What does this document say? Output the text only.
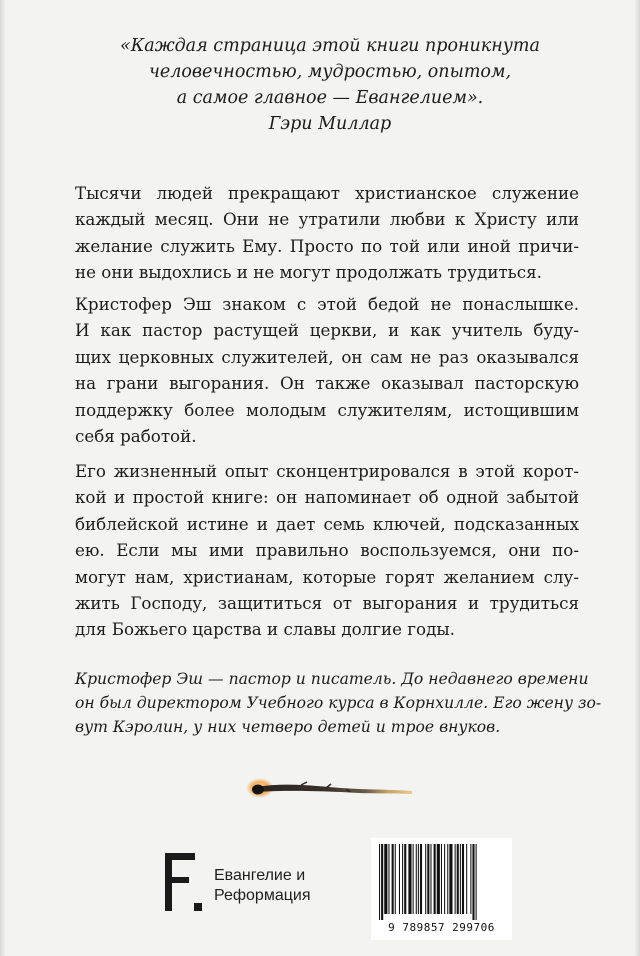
«Каждая страница этой книги проникнута
человечностью, мудростью, опытом,
а самое главное — Евангелием».
Гэри Миллар
Тысячи людей прекращают христианское служение
каждый месяц. Они не утратили любви к Христу или
желание служить Ему. Просто по той или иной причи-
не они выдохлись и не могут продолжать трудиться.
Кристофер Эш знаком с этой бедой не понаслышке.
И как пастор растущей церкви, и как учитель буду-
щих церковных служителей, он сам не раз оказывался
на грани выгорания. Он также оказывал пасторскую
поддержку более молодым служителям, истощившим
себя работой.
Его жизненный опыт сконцентрировался в этой корот-
кой и простой книге: он напоминает об одной забытой
библейской истине и дает семь ключей, подсказанных
ею. Если мы ими правильно воспользуемся, они по-
могут нам, христианам, которые горят желанием слу-
жить Господу, защититься от выгорания и трудиться
для Божьего царства и славы долгие годы.
Кристофер Эш — пастор и писатель. До недавнего времени
он был директором Учебного курса в Корнхилле. Его жену зо-
вут Кэролин, у них четверо детей и трое внуков.
Евангелие и
Реформация
9 789857 299706
